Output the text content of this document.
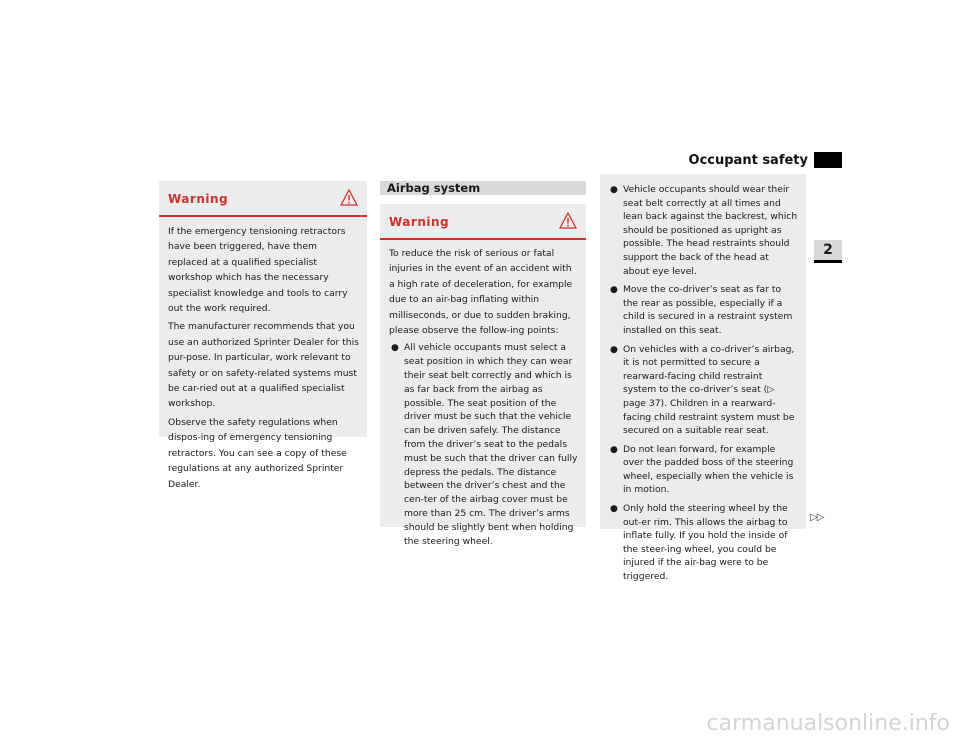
Occupant safety
2
Warning

If the emergency tensioning retractors have been triggered, have them replaced at a qualified specialist workshop which has the necessary specialist knowledge and tools to carry out the work required.

The manufacturer recommends that you use an authorized Sprinter Dealer for this pur-pose. In particular, work relevant to safety or on safety-related systems must be car-ried out at a qualified specialist workshop.

Observe the safety regulations when dispos-ing of emergency tensioning retractors. You can see a copy of these regulations at any authorized Sprinter Dealer.

Airbag system
Warning

To reduce the risk of serious or fatal injuries in the event of an accident with a high rate of deceleration, for example due to an air-bag inflating within milliseconds, or due to sudden braking, please observe the follow-ing points:

● All vehicle occupants must select a seat position in which they can wear their seat belt correctly and which is as far back from the airbag as possible. The seat position of the driver must be such that the vehicle can be driven safely. The distance from the driver’s seat to the pedals must be such that the driver can fully depress the pedals. The distance between the driver’s chest and the cen-ter of the airbag cover must be more than 25 cm. The driver’s arms should be slightly bent when holding the steering wheel.
● Vehicle occupants should wear their seat belt correctly at all times and lean back against the backrest, which should be positioned as upright as possible. The head restraints should support the back of the head at about eye level.
● Move the co-driver’s seat as far to the rear as possible, especially if a child is secured in a restraint system installed on this seat.
● On vehicles with a co-driver’s airbag, it is not permitted to secure a rearward-facing child restraint system to the co-driver’s seat (▷ page 37). Children in a rearward-facing child restraint system must be secured on a suitable rear seat.
● Do not lean forward, for example over the padded boss of the steering wheel, especially when the vehicle is in motion.
● Only hold the steering wheel by the out-er rim. This allows the airbag to inflate fully. If you hold the inside of the steer-ing wheel, you could be injured if the air-bag were to be triggered.
▷▷
carmanualsonline.info
